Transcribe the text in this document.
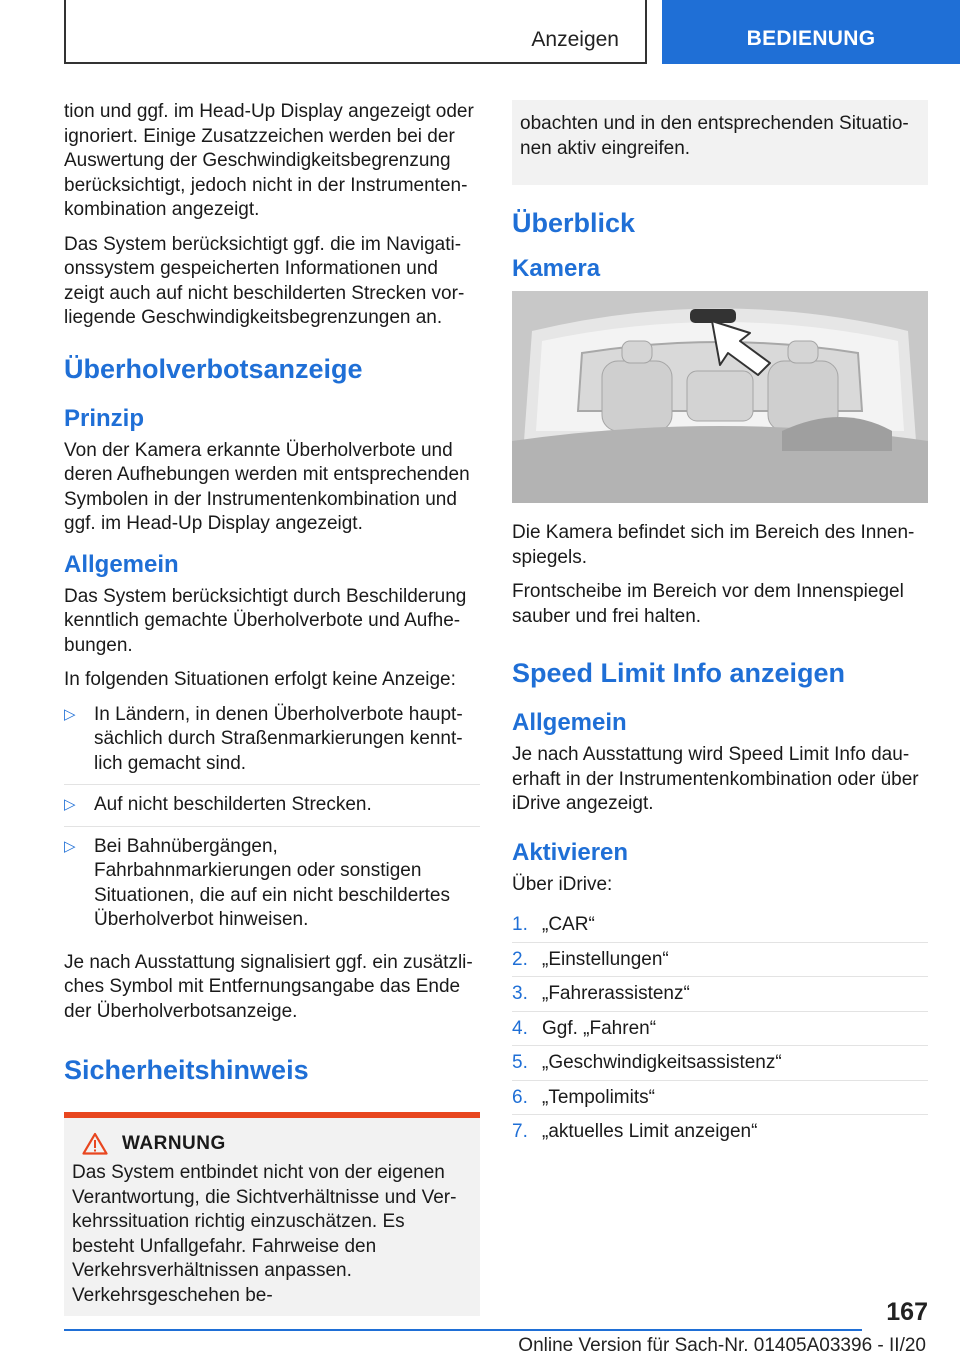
Anzeigen	BEDIENUNG

tion und ggf. im Head-Up Display angezeigt oder ignoriert. Einige Zusatzzeichen werden bei der Auswertung der Geschwindigkeitsbegrenzung berücksichtigt, jedoch nicht in der Instrumentenkombination angezeigt.

Das System berücksichtigt ggf. die im Navigationssystem gespeicherten Informationen und zeigt auch auf nicht beschilderten Strecken vorliegende Geschwindigkeitsbegrenzungen an.

Überholverbotsanzeige
Prinzip

Von der Kamera erkannte Überholverbote und deren Aufhebungen werden mit entsprechenden Symbolen in der Instrumentenkombination und ggf. im Head-Up Display angezeigt.

Allgemein

Das System berücksichtigt durch Beschilderung kenntlich gemachte Überholverbote und Aufhebungen.

In folgenden Situationen erfolgt keine Anzeige:

▷ In Ländern, in denen Überholverbote hauptsächlich durch Straßenmarkierungen kenntlich gemacht sind.
▷ Auf nicht beschilderten Strecken.
▷ Bei Bahnübergängen, Fahrbahnmarkierungen oder sonstigen Situationen, die auf ein nicht beschildertes Überholverbot hinweisen.

Je nach Ausstattung signalisiert ggf. ein zusätzliches Symbol mit Entfernungsangabe das Ende der Überholverbotsanzeige.

Sicherheitshinweis
WARNUNG

Das System entbindet nicht von der eigenen Verantwortung, die Sichtverhältnisse und Verkehrssituation richtig einzuschätzen. Es besteht Unfallgefahr. Fahrweise den Verkehrsverhältnissen anpassen. Verkehrsgeschehen be-

obachten und in den entsprechenden Situationen aktiv eingreifen.

Überblick
Kamera

Die Kamera befindet sich im Bereich des Innenspiegels.

Frontscheibe im Bereich vor dem Innenspiegel sauber und frei halten.

Speed Limit Info anzeigen
Allgemein

Je nach Ausstattung wird Speed Limit Info dauerhaft in der Instrumentenkombination oder über iDrive angezeigt.

Aktivieren

Über iDrive:

1. „CAR“
2. „Einstellungen“
3. „Fahrerassistenz“
4. Ggf. „Fahren“
5. „Geschwindigkeitsassistenz“
6. „Tempolimits“
7. „aktuelles Limit anzeigen“
167
Online Version für Sach-Nr. 01405A03396 - II/20
